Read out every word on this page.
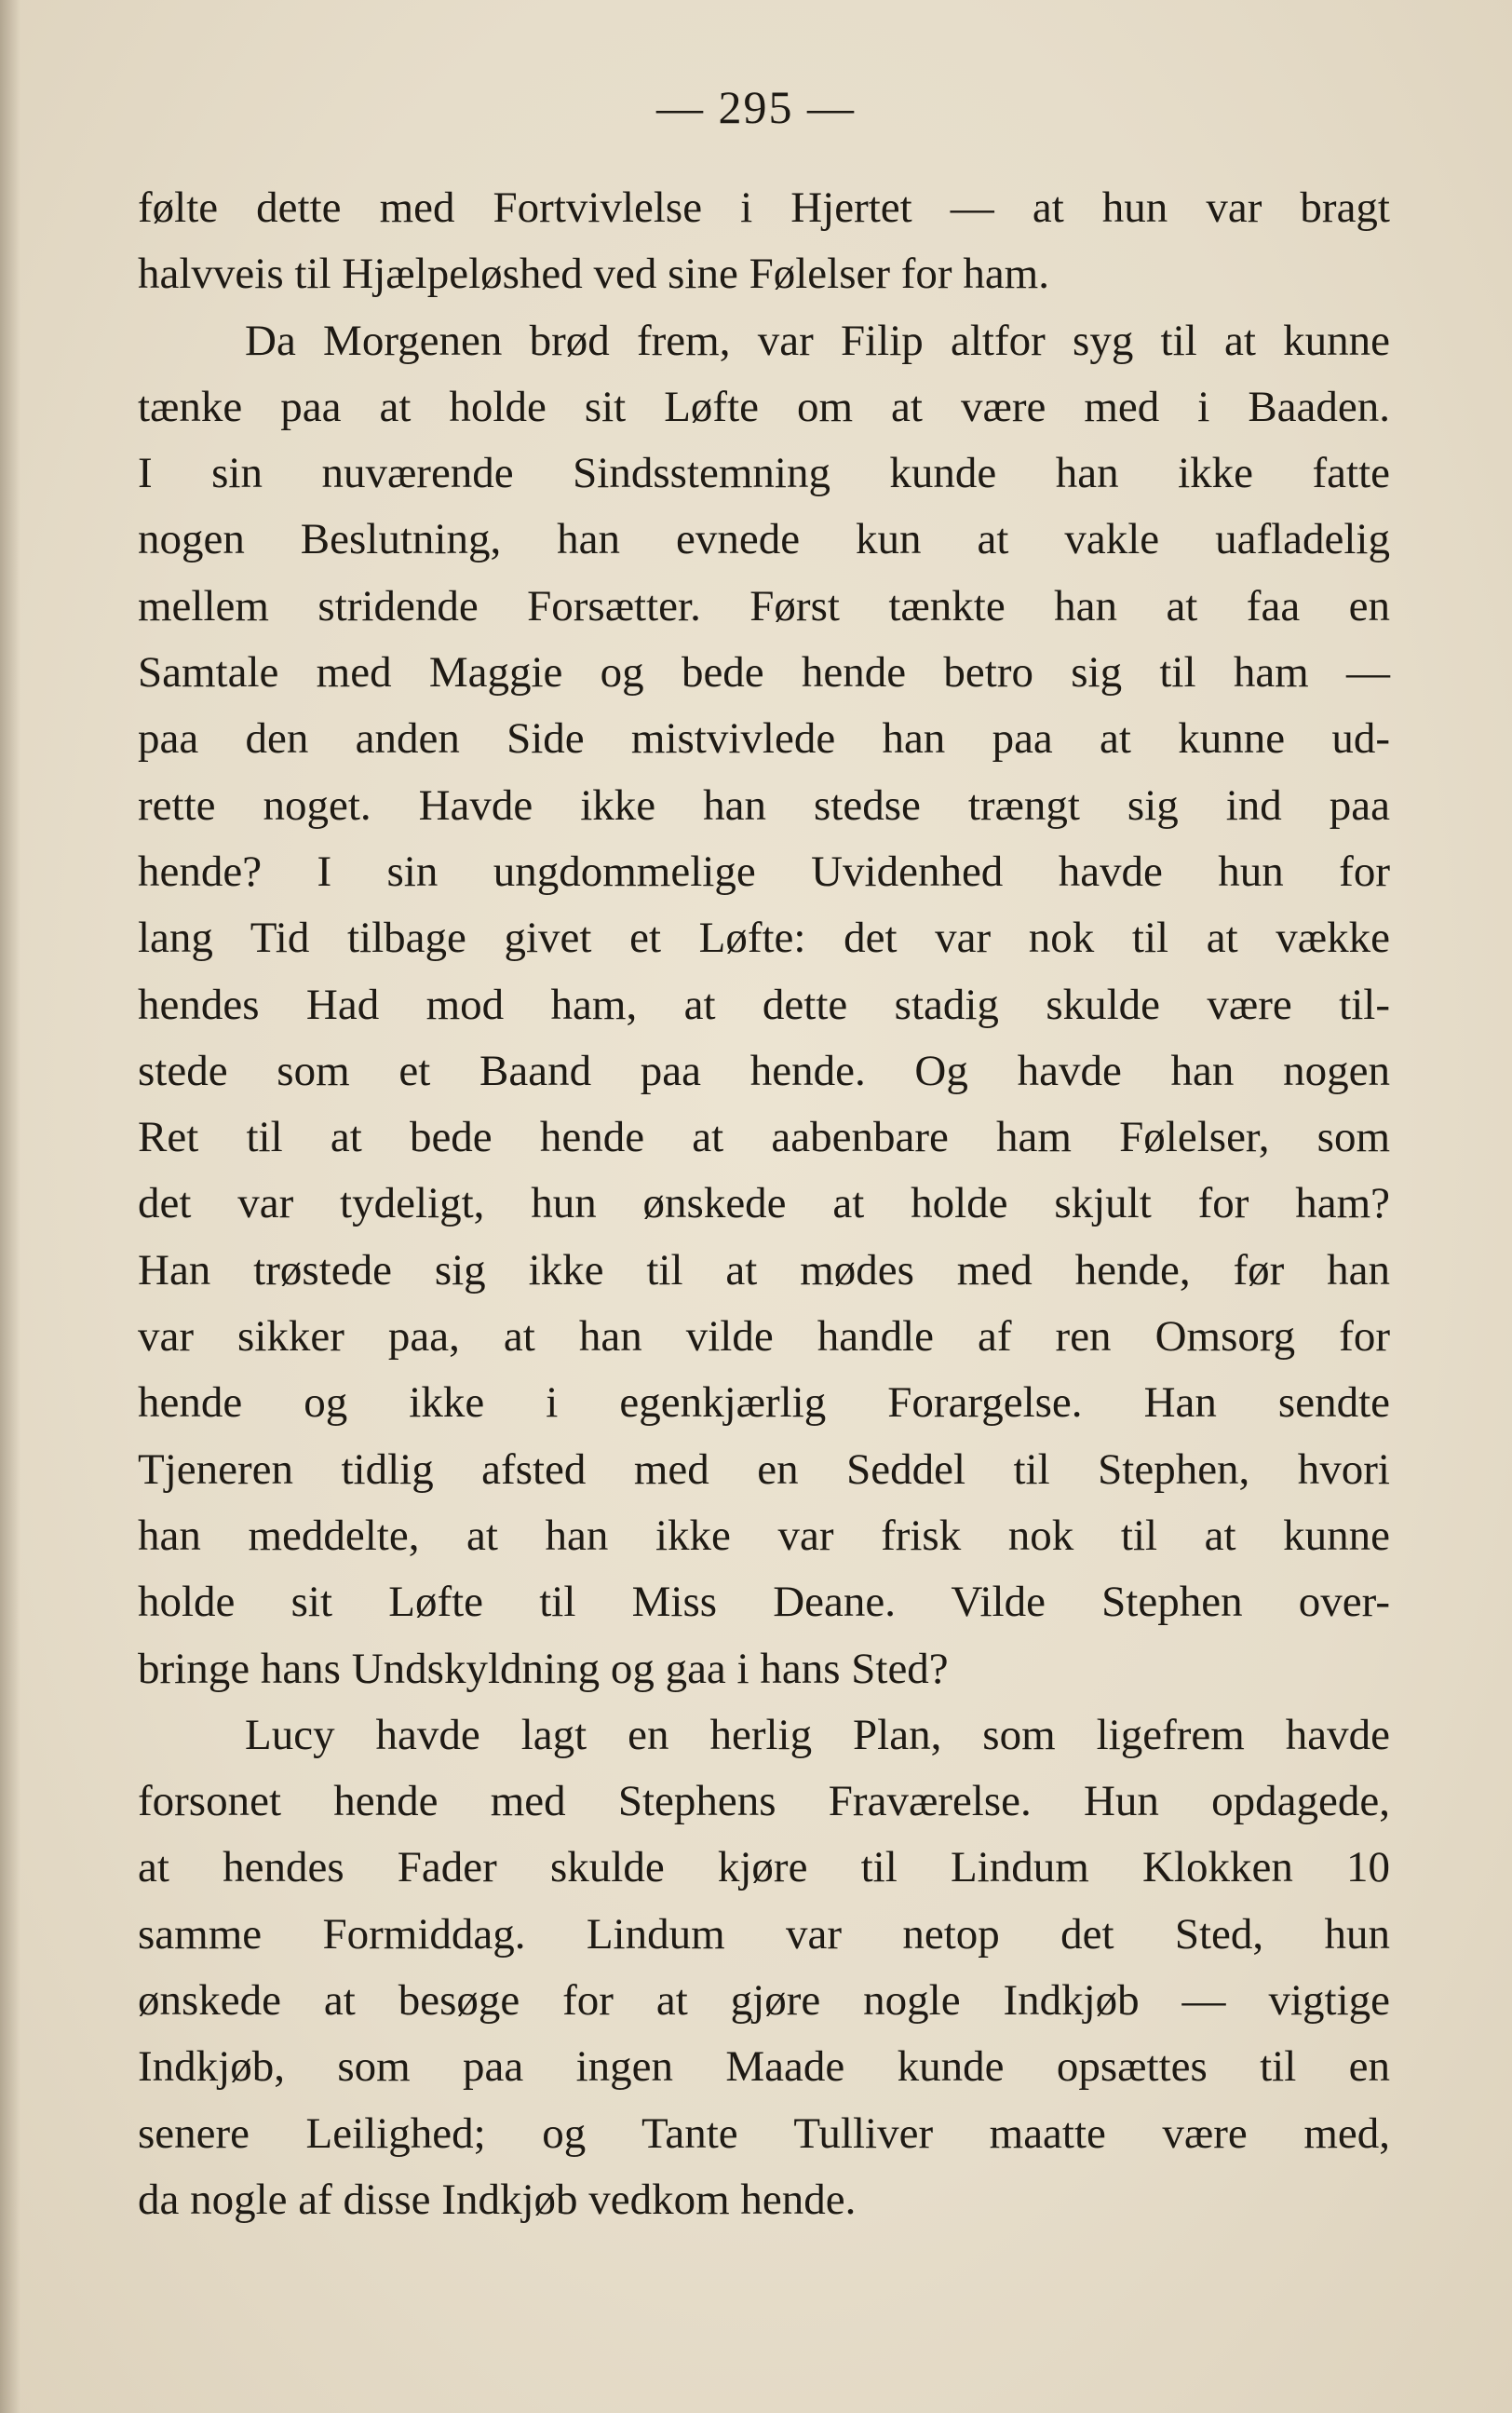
— 295 —
følte dette med Fortvivlelse i Hjertet — at hun var bragt
halvveis til Hjælpeløshed ved sine Følelser for ham.
Da Morgenen brød frem, var Filip altfor syg til at kunne
tænke paa at holde sit Løfte om at være med i Baaden.
I sin nuværende Sindsstemning kunde han ikke fatte
nogen Beslutning, han evnede kun at vakle uafladelig
mellem stridende Forsætter. Først tænkte han at faa en
Samtale med Maggie og bede hende betro sig til ham —
paa den anden Side mistvivlede han paa at kunne ud-
rette noget. Havde ikke han stedse trængt sig ind paa
hende? I sin ungdommelige Uvidenhed havde hun for
lang Tid tilbage givet et Løfte: det var nok til at vække
hendes Had mod ham, at dette stadig skulde være til-
stede som et Baand paa hende. Og havde han nogen
Ret til at bede hende at aabenbare ham Følelser, som
det var tydeligt, hun ønskede at holde skjult for ham?
Han trøstede sig ikke til at mødes med hende, før han
var sikker paa, at han vilde handle af ren Omsorg for
hende og ikke i egenkjærlig Forargelse. Han sendte
Tjeneren tidlig afsted med en Seddel til Stephen, hvori
han meddelte, at han ikke var frisk nok til at kunne
holde sit Løfte til Miss Deane. Vilde Stephen over-
bringe hans Undskyldning og gaa i hans Sted?
Lucy havde lagt en herlig Plan, som ligefrem havde
forsonet hende med Stephens Fraværelse. Hun opdagede,
at hendes Fader skulde kjøre til Lindum Klokken 10
samme Formiddag. Lindum var netop det Sted, hun
ønskede at besøge for at gjøre nogle Indkjøb — vigtige
Indkjøb, som paa ingen Maade kunde opsættes til en
senere Leilighed; og Tante Tulliver maatte være med,
da nogle af disse Indkjøb vedkom hende.
